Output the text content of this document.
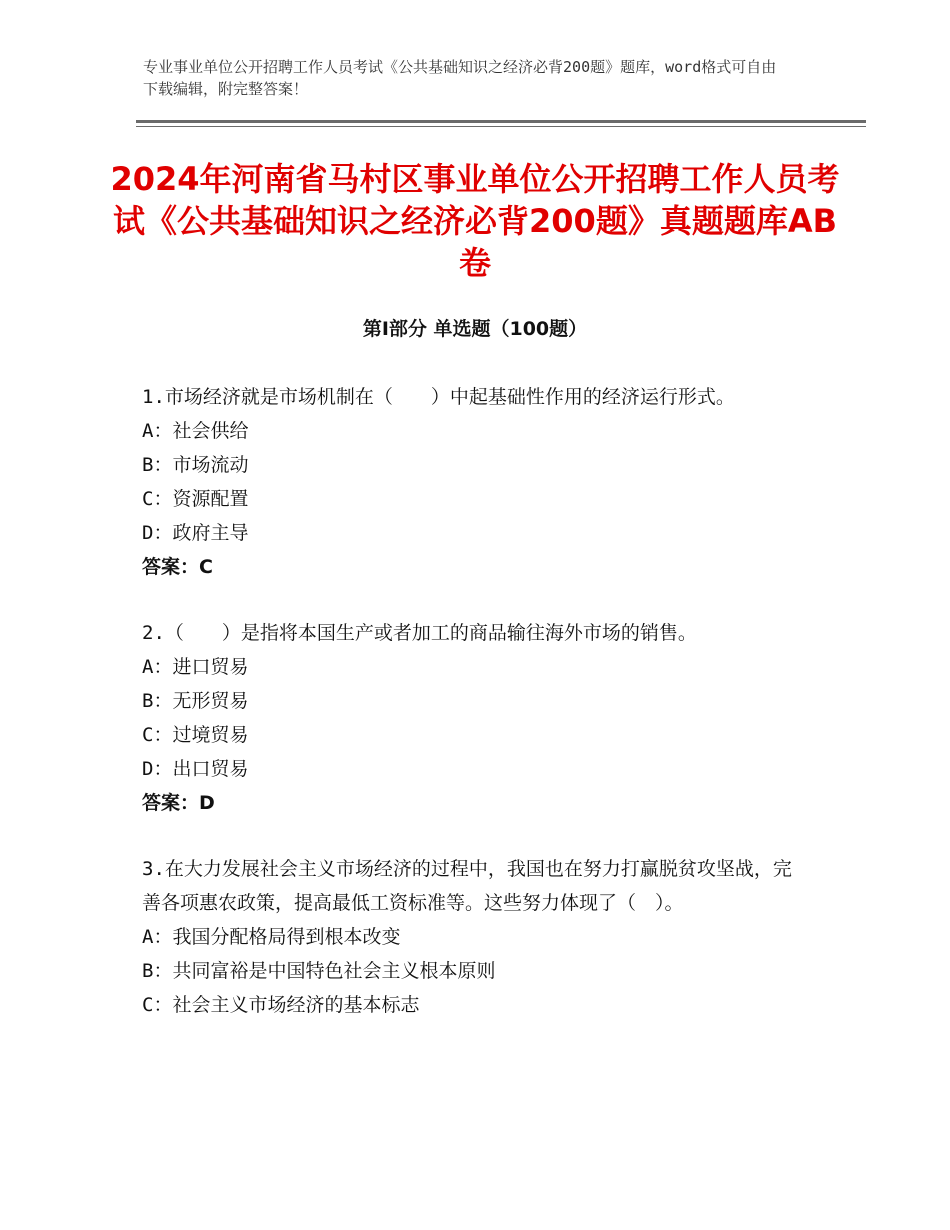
专业事业单位公开招聘工作人员考试《公共基础知识之经济必背200题》题库，word格式可自由下载编辑，附完整答案！
2024年河南省马村区事业单位公开招聘工作人员考试《公共基础知识之经济必背200题》真题题库AB卷
第Ⅰ部分 单选题（100题）

1.市场经济就是市场机制在（　　）中起基础性作用的经济运行形式。

A：社会供给

B：市场流动

C：资源配置

D：政府主导

答案：C

2.（　　）是指将本国生产或者加工的商品输往海外市场的销售。

A：进口贸易

B：无形贸易

C：过境贸易

D：出口贸易

答案：D

3.在大力发展社会主义市场经济的过程中，我国也在努力打赢脱贫攻坚战，完善各项惠农政策，提高最低工资标准等。这些努力体现了（　）。

A：我国分配格局得到根本改变

B：共同富裕是中国特色社会主义根本原则

C：社会主义市场经济的基本标志
